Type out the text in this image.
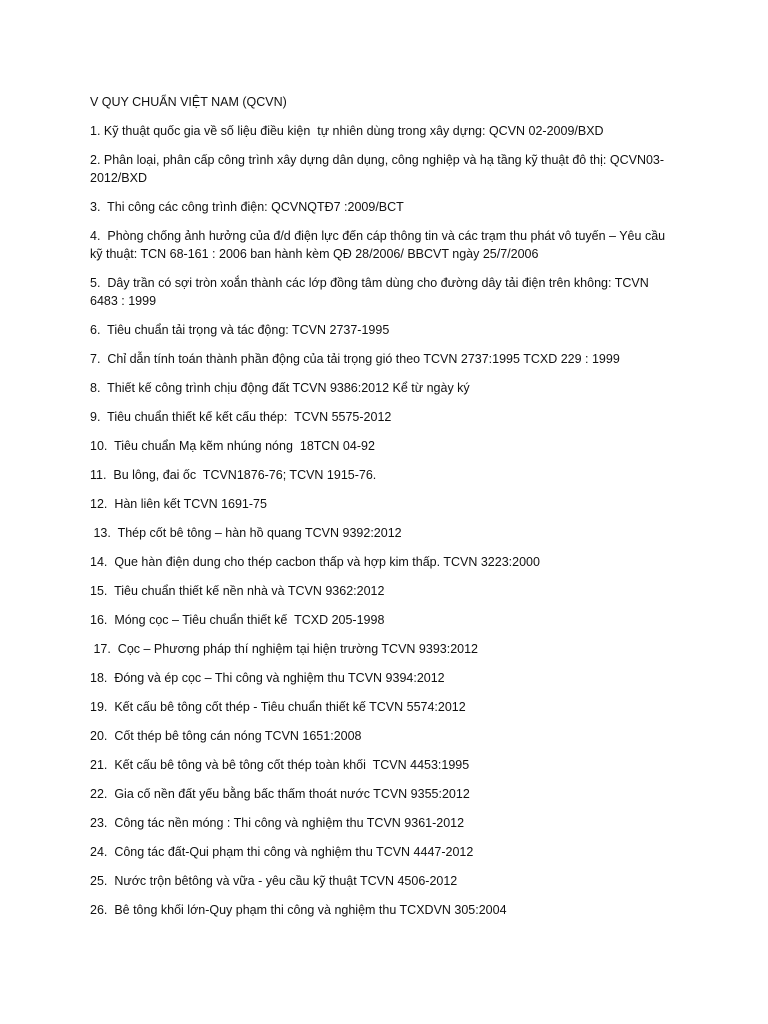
V QUY CHUẨN VIỆT NAM (QCVN)
1. Kỹ thuật quốc gia về số liệu điều kiện  tự nhiên dùng trong xây dựng: QCVN 02-2009/BXD
2. Phân loại, phân cấp công trình xây dựng dân dụng, công nghiệp và hạ tầng kỹ thuật đô thị: QCVN03-2012/BXD
3.  Thi công các công trình điện: QCVNQTĐ7 :2009/BCT
4.  Phòng chống ảnh hưởng của đ/d điện lực đến cáp thông tin và các trạm thu phát vô tuyến – Yêu cầu kỹ thuật: TCN 68-161 : 2006 ban hành kèm QĐ 28/2006/ BBCVT ngày 25/7/2006
5.  Dây trần có sợi tròn xoắn thành các lớp đồng tâm dùng cho đường dây tải điện trên không: TCVN 6483 : 1999
6.  Tiêu chuẩn tải trọng và tác động: TCVN 2737-1995
7.  Chỉ dẫn tính toán thành phần động của tải trọng gió theo TCVN 2737:1995 TCXD 229 : 1999
8.  Thiết kế công trình chịu động đất TCVN 9386:2012 Kể từ ngày ký
9.  Tiêu chuẩn thiết kế kết cấu thép:  TCVN 5575-2012
10.  Tiêu chuẩn Mạ kẽm nhúng nóng  18TCN 04-92
11.  Bu lông, đai ốc  TCVN1876-76; TCVN 1915-76.
12.  Hàn liên kết TCVN 1691-75
13.  Thép cốt bê tông – hàn hồ quang TCVN 9392:2012
14.  Que hàn điện dung cho thép cacbon thấp và hợp kim thấp. TCVN 3223:2000
15.  Tiêu chuẩn thiết kế nền nhà và TCVN 9362:2012
16.  Móng cọc – Tiêu chuẩn thiết kế  TCXD 205-1998
17.  Cọc – Phương pháp thí nghiệm tại hiện trường TCVN 9393:2012
18.  Đóng và ép cọc – Thi công và nghiệm thu TCVN 9394:2012
19.  Kết cấu bê tông cốt thép - Tiêu chuẩn thiết kế TCVN 5574:2012
20.  Cốt thép bê tông cán nóng TCVN 1651:2008
21.  Kết cấu bê tông và bê tông cốt thép toàn khối  TCVN 4453:1995
22.  Gia cố nền đất yếu bằng bấc thấm thoát nước TCVN 9355:2012
23.  Công tác nền móng : Thi công và nghiệm thu TCVN 9361-2012
24.  Công tác đất-Qui phạm thi công và nghiệm thu TCVN 4447-2012
25.  Nước trộn bêtông và vữa - yêu cầu kỹ thuật TCVN 4506-2012
26.  Bê tông khối lớn-Quy phạm thi công và nghiệm thu TCXDVN 305:2004
